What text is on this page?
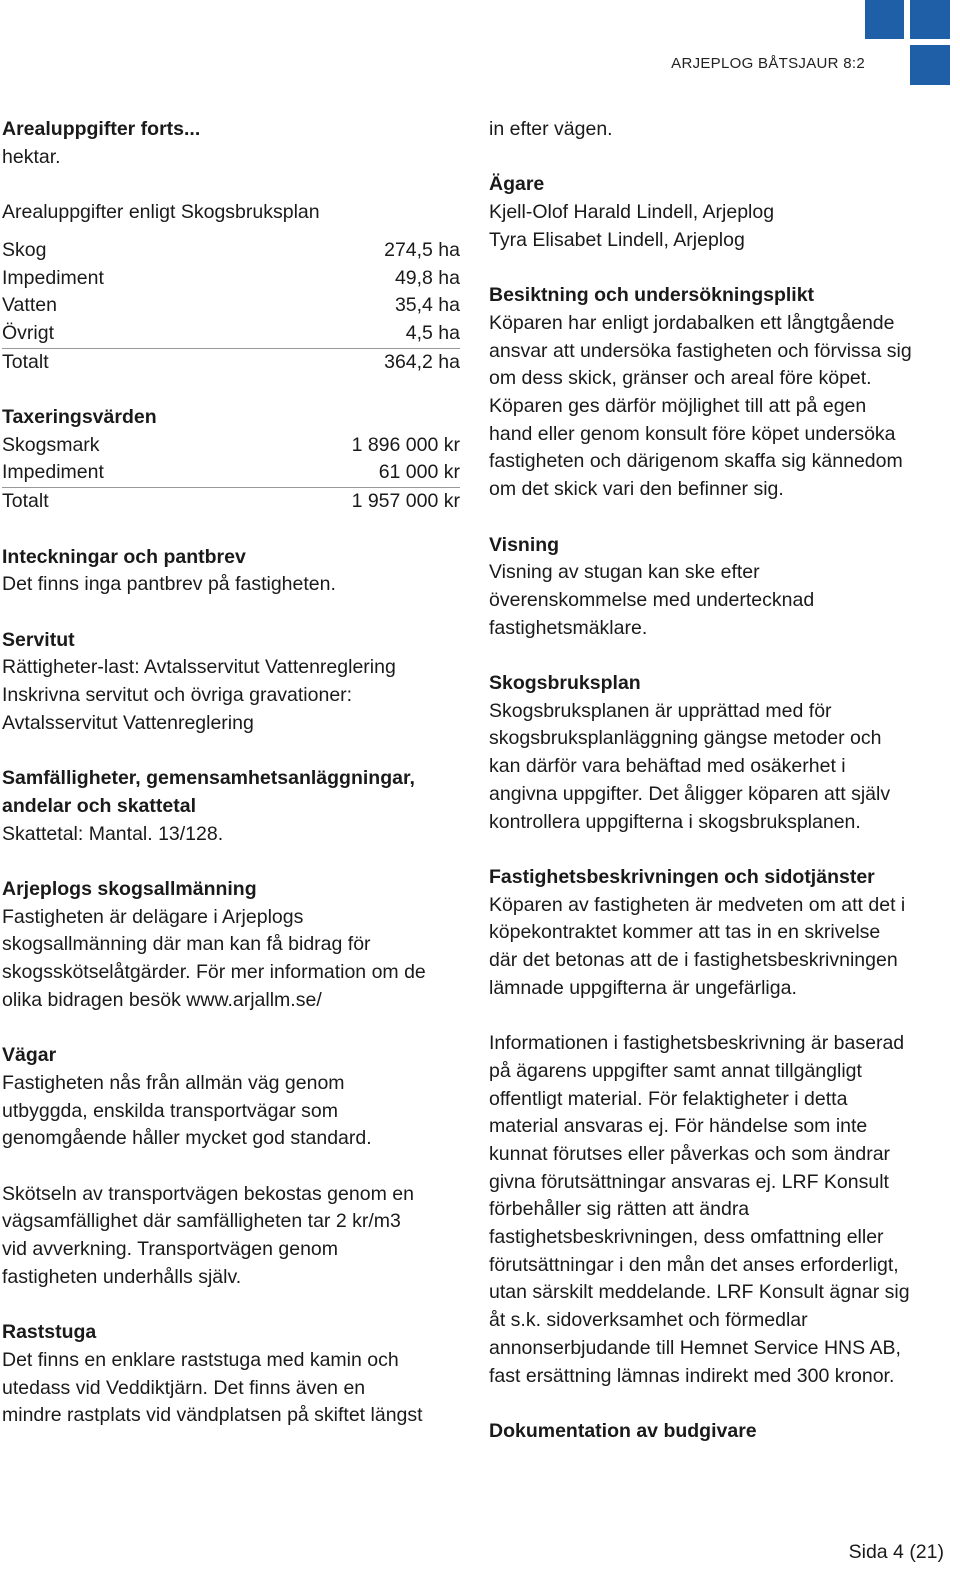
ARJEPLOG BÅTSJAUR 8:2
Arealuppgifter forts...
hektar.
Arealuppgifter enligt Skogsbruksplan
Skog	274,5 ha
Impediment	49,8 ha
Vatten	35,4 ha
Övrigt	4,5 ha
Totalt	364,2 ha
Taxeringsvärden
Skogsmark	1 896 000 kr
Impediment	61 000 kr
Totalt	1 957 000 kr
Inteckningar och pantbrev
Det finns inga pantbrev på fastigheten.
Servitut
Rättigheter-last: Avtalsservitut Vattenreglering
Inskrivna servitut och övriga gravationer:
Avtalsservitut Vattenreglering
Samfälligheter, gemensamhetsanläggningar,
andelar och skattetal
Skattetal: Mantal. 13/128.
Arjeplogs skogsallmänning
Fastigheten är delägare i Arjeplogs
skogsallmänning där man kan få bidrag för
skogsskötselåtgärder. För mer information om de
olika bidragen besök www.arjallm.se/
Vägar
Fastigheten nås från allmän väg genom
utbyggda, enskilda transportvägar som
genomgående håller mycket god standard.
Skötseln av transportvägen bekostas genom en
vägsamfällighet där samfälligheten tar 2 kr/m3
vid avverkning. Transportvägen genom
fastigheten underhålls själv.
Raststuga
Det finns en enklare raststuga med kamin och
utedass vid Veddiktjärn. Det finns även en
mindre rastplats vid vändplatsen på skiftet längst
in efter vägen.
Ägare
Kjell-Olof Harald Lindell, Arjeplog
Tyra Elisabet Lindell, Arjeplog
Besiktning och undersökningsplikt
Köparen har enligt jordabalken ett långtgående
ansvar att undersöka fastigheten och förvissa sig
om dess skick, gränser och areal före köpet.
Köparen ges därför möjlighet till att på egen
hand eller genom konsult före köpet undersöka
fastigheten och därigenom skaffa sig kännedom
om det skick vari den befinner sig.
Visning
Visning av stugan kan ske efter
överenskommelse med undertecknad
fastighetsmäklare.
Skogsbruksplan
Skogsbruksplanen är upprättad med för
skogsbruksplanläggning gängse metoder och
kan därför vara behäftad med osäkerhet i
angivna uppgifter. Det åligger köparen att själv
kontrollera uppgifterna i skogsbruksplanen.
Fastighetsbeskrivningen och sidotjänster
Köparen av fastigheten är medveten om att det i
köpekontraktet kommer att tas in en skrivelse
där det betonas att de i fastighetsbeskrivningen
lämnade uppgifterna är ungefärliga.
Informationen i fastighetsbeskrivning är baserad
på ägarens uppgifter samt annat tillgängligt
offentligt material. För felaktigheter i detta
material ansvaras ej. För händelse som inte
kunnat förutses eller påverkas och som ändrar
givna förutsättningar ansvaras ej. LRF Konsult
förbehåller sig rätten att ändra
fastighetsbeskrivningen, dess omfattning eller
förutsättningar i den mån det anses erforderligt,
utan särskilt meddelande. LRF Konsult ägnar sig
åt s.k. sidoverksamhet och förmedlar
annonserbjudande till Hemnet Service HNS AB,
fast ersättning lämnas indirekt med 300 kronor.
Dokumentation av budgivare
Sida 4 (21)
